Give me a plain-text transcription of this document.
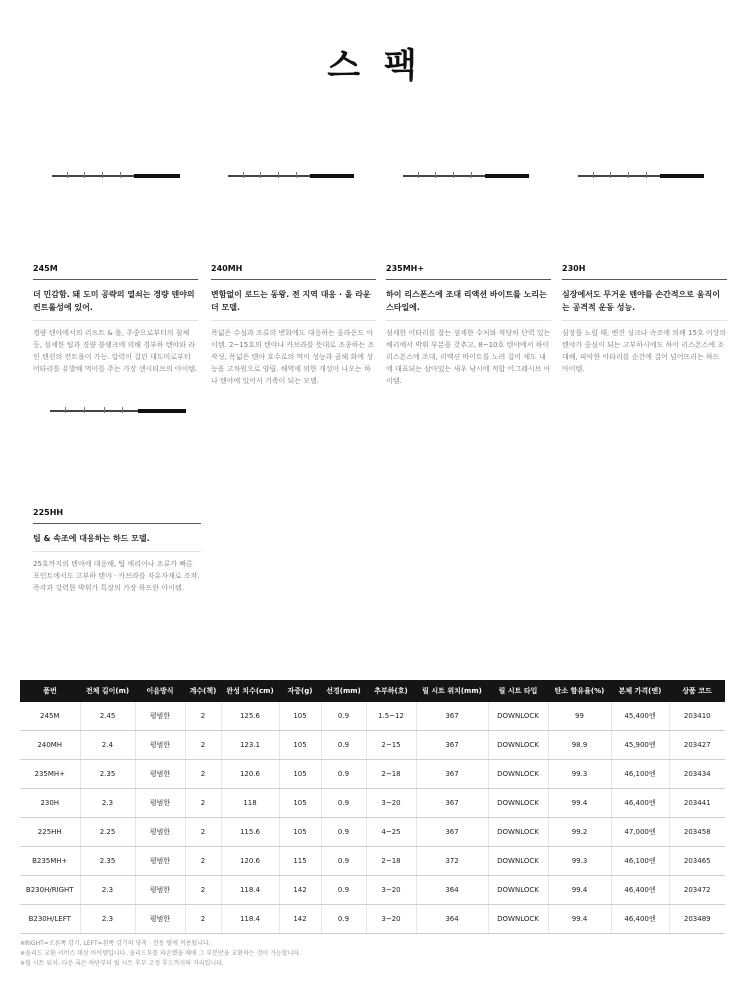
스 팩
245M
더 민감함. 돼 도미 공략의 열쇠는 경량 텐야의 컨트롤성에 있어.
경량 텐야에서의 리프트 & 폴, 주중으로부터의 침체 등, 섬세한 팁과 경량 블랭크에 의해 경부하 텐야와 라인 텐션의 컨트롤이 가능. 압력이 걸린 대도미로부터 어타리를 유발해 먹이를 주는 가장 센시티브의 아이템.
240MH
변함없이 로드는 동왕. 전 지역 대응 · 올 라운더 모델.
폭넓은 수심과 조류의 변화에도 대응하는 올라운드 아이템. 2~15호의 텐야나 카브라를 뜻대로 조종하는 조작성, 폭넓은 텐야 호수로의 먹이 성능과 곰해 화에 성능을 고차원으로 양립. 해역에 의한 개성이 나오는 하나 텐야에 있어서 기축이 되는 모델.
235MH+
하이 리스폰스에 조대 리액션 바이트를 노리는 스타일에.
섬세한 어타리를 잡는 섬세한 수처와 적당히 단력 있는 베리에서 박휘 부분을 갖추고, 8~10호 텐야에서 하이 리스폰스에 조대, 리액션 바이트를 노려 걸어 세도 내에 대표되는 삼아있는 새우 낚시에 적합 어그레시브 아이템.
230H
심장에서도 무거운 텐야를 손간적으로 움직이는 공격적 운동 성능.
심장을 노릴 때, 엔진 싱크나 속조에 의해 15호 이상의 텐야가 중심이 되는 고부하시에도 하이 리스폰스에 조대해, 파악한 아타리를 순간에 걸어 넘어뜨리는 하드 아이템.
225HH
팁 & 속조에 대응하는 하드 모델.
25호까지의 텐야에 대응해, 팁 에리어나 조류가 빠른 포인트에서도 고부하 텐야 · 카브라를 자유자재로 조작. 즉각과 강력한 박휘가 특장의 가장 하드한 아이템.
품번	전체 길이(m)	이음방식	계수(책)	완성 치수(cm)	자중(g)	선경(mm)	추부하(호)	릴 시트 위치(mm)	릴 시트 타입	탄소 함유율(%)	본체 가격(엔)	상품 코드
245M	2.45	평범한	2	125.6	105	0.9	1.5~12	367	DOWNLOCK	99	45,400엔	203410
240MH	2.4	평범한	2	123.1	105	0.9	2~15	367	DOWNLOCK	98.9	45,900엔	203427
235MH+	2.35	평범한	2	120.6	105	0.9	2~18	367	DOWNLOCK	99.3	46,100엔	203434
230H	2.3	평범한	2	118	105	0.9	3~20	367	DOWNLOCK	99.4	46,400엔	203441
225HH	2.25	평범한	2	115.6	105	0.9	4~25	367	DOWNLOCK	99.2	47,000엔	203458
B235MH+	2.35	평범한	2	120.6	115	0.9	2~18	372	DOWNLOCK	99.3	46,100엔	203465
B230H/RIGHT	2.3	평범한	2	118.4	142	0.9	3~20	364	DOWNLOCK	99.4	46,400엔	203472
B230H/LEFT	2.3	평범한	2	118.4	142	0.9	3~20	364	DOWNLOCK	99.4	46,400엔	203489
※RIGHT=오른쪽 감기, LEFT=왼쪽 감기의 양축 · 전동 릴에 적용됩니다.
※솔리드 교환 서비스 대상 아이템입니다. 솔리드부를 파손했을 때에 그 부분만을 교환하는 것이 가능합니다.
※릴 시트 위치: 다운 록은 하단부터 릴 시트 후부 고정 후드까지의 거리입니다.
